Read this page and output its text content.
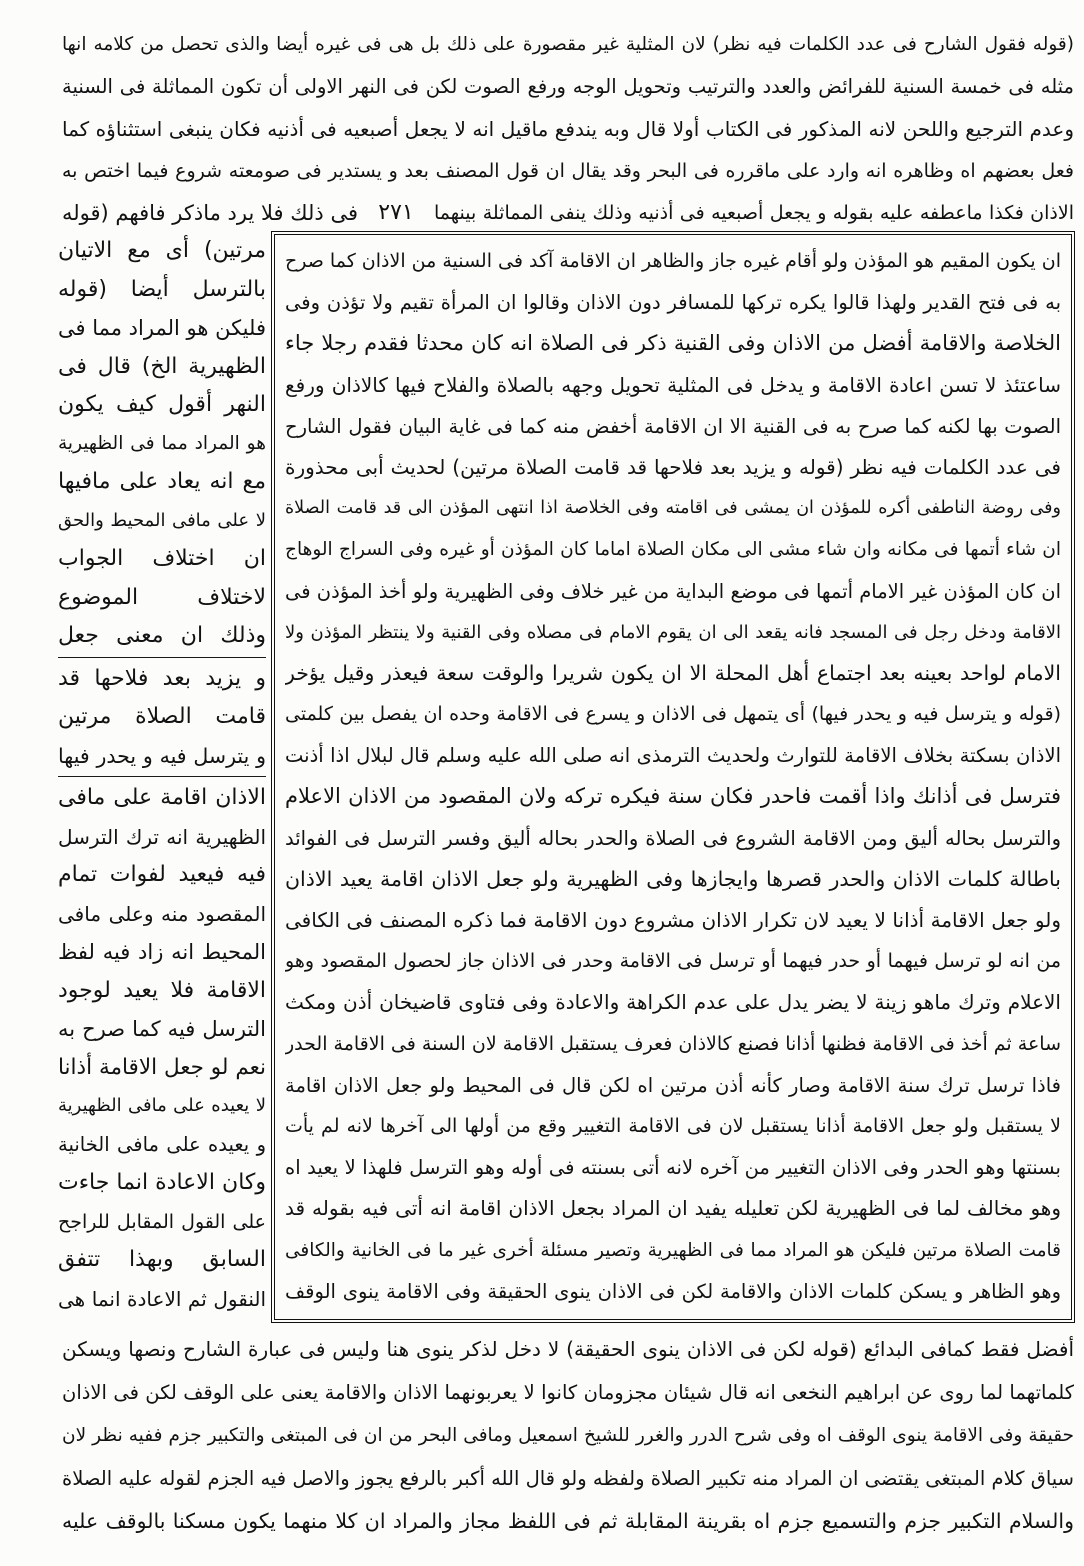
(قوله فقول الشارح فى عدد الكلمات فيه نظر) لان المثلية غير مقصورة على ذلك بل هى فى غيره أيضا والذى تحصل من كلامه انها
مثله فى خمسة السنية للفرائض والعدد والترتيب وتحويل الوجه ورفع الصوت لكن فى النهر الاولى أن تكون المماثلة فى السنية
وعدم الترجيع واللحن لانه المذكور فى الكتاب أولا قال وبه يندفع ماقيل انه لا يجعل أصبعيه فى أذنيه فكان ينبغى استثناؤه كما
فعل بعضهم اه وظاهره انه وارد على ماقرره فى البحر وقد يقال ان قول المصنف بعد و يستدير فى صومعته شروع فيما اختص به
الاذان فكذا ماعطفه عليه بقوله و يجعل أصبعيه فى أذنيه وذلك ينفى المماثلة بينهما
٢٧١
فى ذلك فلا يرد ماذكر فافهم (قوله
ان يكون المقيم هو المؤذن ولو أقام غيره جاز والظاهر ان الاقامة آكد فى السنية من الاذان كما صرح
به فى فتح القدير ولهذا قالوا يكره تركها للمسافر دون الاذان وقالوا ان المرأة تقيم ولا تؤذن وفى
الخلاصة والاقامة أفضل من الاذان وفى القنية ذكر فى الصلاة انه كان محدثا فقدم رجلا جاء
ساعتئذ لا تسن اعادة الاقامة و يدخل فى المثلية تحويل وجهه بالصلاة والفلاح فيها كالاذان ورفع
الصوت بها لكنه كما صرح به فى القنية الا ان الاقامة أخفض منه كما فى غاية البيان فقول الشارح
فى عدد الكلمات فيه نظر (قوله و يزيد بعد فلاحها قد قامت الصلاة مرتين) لحديث أبى محذورة
وفى روضة الناطفى أكره للمؤذن ان يمشى فى اقامته وفى الخلاصة اذا انتهى المؤذن الى قد قامت الصلاة
ان شاء أتمها فى مكانه وان شاء مشى الى مكان الصلاة اماما كان المؤذن أو غيره وفى السراج الوهاج
ان كان المؤذن غير الامام أتمها فى موضع البداية من غير خلاف وفى الظهيرية ولو أخذ المؤذن فى
الاقامة ودخل رجل فى المسجد فانه يقعد الى ان يقوم الامام فى مصلاه وفى القنية ولا ينتظر المؤذن ولا
الامام لواحد بعينه بعد اجتماع أهل المحلة الا ان يكون شريرا والوقت سعة فيعذر وقيل يؤخر
(قوله و يترسل فيه و يحدر فيها) أى يتمهل فى الاذان و يسرع فى الاقامة وحده ان يفصل بين كلمتى
الاذان بسكتة بخلاف الاقامة للتوارث ولحديث الترمذى انه صلى الله عليه وسلم قال لبلال اذا أذنت
فترسل فى أذانك واذا أقمت فاحدر فكان سنة فيكره تركه ولان المقصود من الاذان الاعلام
والترسل بحاله أليق ومن الاقامة الشروع فى الصلاة والحدر بحاله أليق وفسر الترسل فى الفوائد
باطالة كلمات الاذان والحدر قصرها وايجازها وفى الظهيرية ولو جعل الاذان اقامة يعيد الاذان
ولو جعل الاقامة أذانا لا يعيد لان تكرار الاذان مشروع دون الاقامة فما ذكره المصنف فى الكافى
من انه لو ترسل فيهما أو حدر فيهما أو ترسل فى الاقامة وحدر فى الاذان جاز لحصول المقصود وهو
الاعلام وترك ماهو زينة لا يضر يدل على عدم الكراهة والاعادة وفى فتاوى قاضيخان أذن ومكث
ساعة ثم أخذ فى الاقامة فظنها أذانا فصنع كالاذان فعرف يستقبل الاقامة لان السنة فى الاقامة الحدر
فاذا ترسل ترك سنة الاقامة وصار كأنه أذن مرتين اه لكن قال فى المحيط ولو جعل الاذان اقامة
لا يستقبل ولو جعل الاقامة أذانا يستقبل لان فى الاقامة التغيير وقع من أولها الى آخرها لانه لم يأت
بسنتها وهو الحدر وفى الاذان التغيير من آخره لانه أتى بسنته فى أوله وهو الترسل فلهذا لا يعيد اه
وهو مخالف لما فى الظهيرية لكن تعليله يفيد ان المراد بجعل الاذان اقامة انه أتى فيه بقوله قد
قامت الصلاة مرتين فليكن هو المراد مما فى الظهيرية وتصير مسئلة أخرى غير ما فى الخانية والكافى
وهو الظاهر و يسكن كلمات الاذان والاقامة لكن فى الاذان ينوى الحقيقة وفى الاقامة ينوى الوقف
مرتين) أى مع الاتيان
بالترسل أيضا (قوله
فليكن هو المراد مما فى
الظهيرية الخ) قال فى
النهر أقول كيف يكون
هو المراد مما فى الظهيرية
مع انه يعاد على مافيها
لا على مافى المحيط والحق
ان اختلاف الجواب
لاختلاف الموضوع
وذلك ان معنى جعل
و يزيد بعد فلاحها قد
قامت الصلاة مرتين
و يترسل فيه و يحدر فيها
الاذان اقامة على مافى
الظهيرية انه ترك الترسل
فيه فيعيد لفوات تمام
المقصود منه وعلى مافى
المحيط انه زاد فيه لفظ
الاقامة فلا يعيد لوجود
الترسل فيه كما صرح به
نعم لو جعل الاقامة أذانا
لا يعيده على مافى الظهيرية
و يعيده على مافى الخانية
وكان الاعادة انما جاءت
على القول المقابل للراجح
السابق وبهذا تتفق
النقول ثم الاعادة انما هى
أفضل فقط كمافى البدائع (قوله لكن فى الاذان ينوى الحقيقة) لا دخل لذكر ينوى هنا وليس فى عبارة الشارح ونصها ويسكن
كلماتهما لما روى عن ابراهيم النخعى انه قال شيئان مجزومان كانوا لا يعربونهما الاذان والاقامة يعنى على الوقف لكن فى الاذان
حقيقة وفى الاقامة ينوى الوقف اه وفى شرح الدرر والغرر للشيخ اسمعيل ومافى البحر من ان فى المبتغى والتكبير جزم ففيه نظر لان
سياق كلام المبتغى يقتضى ان المراد منه تكبير الصلاة ولفظه ولو قال الله أكبر بالرفع يجوز والاصل فيه الجزم لقوله عليه الصلاة
والسلام التكبير جزم والتسميع جزم اه بقرينة المقابلة ثم فى اللفظ مجاز والمراد ان كلا منهما يكون مسكنا بالوقف عليه
